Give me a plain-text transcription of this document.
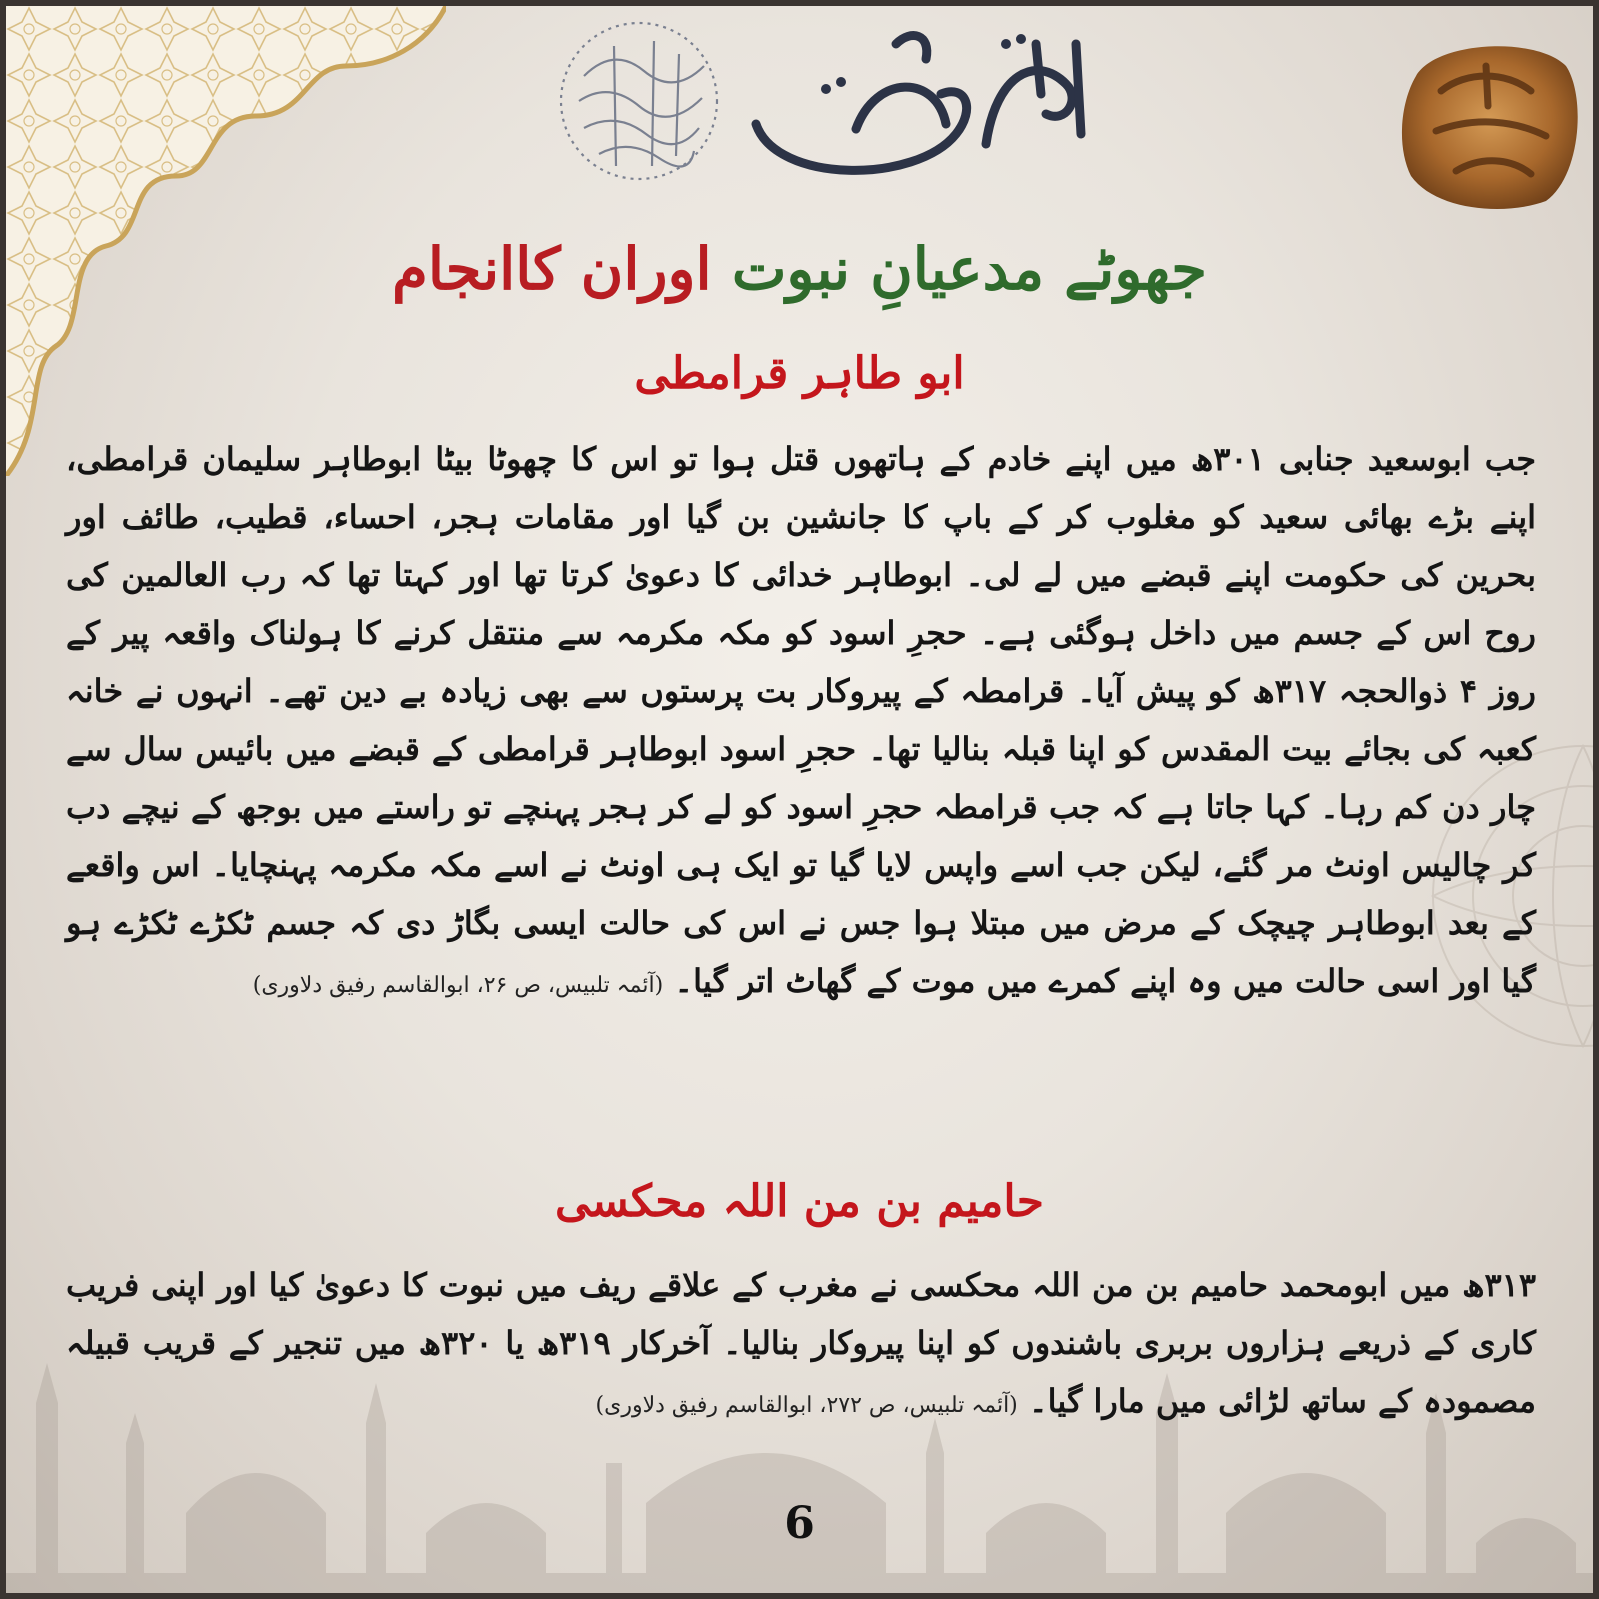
جھوٹے مدعیانِ نبوت اوران کاانجام
ابو طاہر قرامطی
جب ابوسعید جنابی ۳۰۱ھ میں اپنے خادم کے ہاتھوں قتل ہوا تو اس کا چھوٹا بیٹا ابوطاہر سلیمان قرامطی، اپنے بڑے بھائی سعید کو مغلوب کر کے باپ کا جانشین بن گیا اور مقامات ہجر، احساء، قطیب، طائف اور بحرین کی حکومت اپنے قبضے میں لے لی۔ ابوطاہر خدائی کا دعویٰ کرتا تھا اور کہتا تھا کہ رب العالمین کی روح اس کے جسم میں داخل ہوگئی ہے۔ حجرِ اسود کو مکہ مکرمہ سے منتقل کرنے کا ہولناک واقعہ پیر کے روز ۴ ذوالحجہ ۳۱۷ھ کو پیش آیا۔ قرامطہ کے پیروکار بت پرستوں سے بھی زیادہ بے دین تھے۔ انہوں نے خانہ کعبہ کی بجائے بیت المقدس کو اپنا قبلہ بنالیا تھا۔ حجرِ اسود ابوطاہر قرامطی کے قبضے میں بائیس سال سے چار دن کم رہا۔ کہا جاتا ہے کہ جب قرامطہ حجرِ اسود کو لے کر ہجر پہنچے تو راستے میں بوجھ کے نیچے دب کر چالیس اونٹ مر گئے، لیکن جب اسے واپس لایا گیا تو ایک ہی اونٹ نے اسے مکہ مکرمہ پہنچایا۔ اس واقعے کے بعد ابوطاہر چیچک کے مرض میں مبتلا ہوا جس نے اس کی حالت ایسی بگاڑ دی کہ جسم ٹکڑے ٹکڑے ہو گیا اور اسی حالت میں وہ اپنے کمرے میں موت کے گھاٹ اتر گیا۔ (آئمہ تلبیس، ص ۲۶، ابوالقاسم رفیق دلاوری)
حامیم بن من اللہ محکسی
۳۱۳ھ میں ابومحمد حامیم بن من اللہ محکسی نے مغرب کے علاقے ریف میں نبوت کا دعویٰ کیا اور اپنی فریب کاری کے ذریعے ہزاروں بربری باشندوں کو اپنا پیروکار بنالیا۔ آخرکار ۳۱۹ھ یا ۳۲۰ھ میں تنجیر کے قریب قبیلہ مصمودہ کے ساتھ لڑائی میں مارا گیا۔ (آئمہ تلبیس، ص ۲۷۲، ابوالقاسم رفیق دلاوری)
6
